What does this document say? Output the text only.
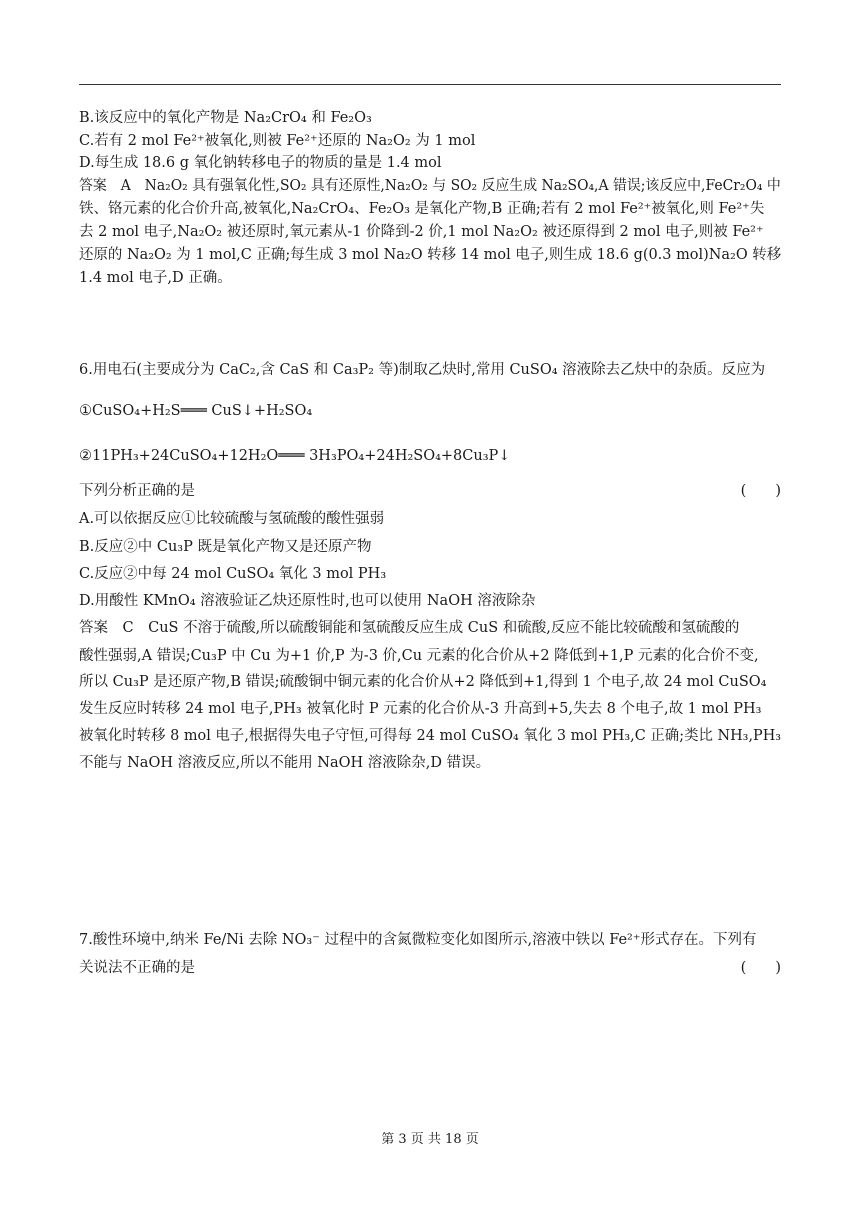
B.该反应中的氧化产物是 Na₂CrO₄ 和 Fe₂O₃
C.若有 2 mol Fe²⁺被氧化,则被 Fe²⁺还原的 Na₂O₂ 为 1 mol
D.每生成 18.6 g 氧化钠转移电子的物质的量是 1.4 mol
答案　A　Na₂O₂ 具有强氧化性,SO₂ 具有还原性,Na₂O₂ 与 SO₂ 反应生成 Na₂SO₄,A 错误;该反应中,FeCr₂O₄ 中
铁、铬元素的化合价升高,被氧化,Na₂CrO₄、Fe₂O₃ 是氧化产物,B 正确;若有 2 mol Fe²⁺被氧化,则 Fe²⁺失
去 2 mol 电子,Na₂O₂ 被还原时,氧元素从-1 价降到-2 价,1 mol Na₂O₂ 被还原得到 2 mol 电子,则被 Fe²⁺
还原的 Na₂O₂ 为 1 mol,C 正确;每生成 3 mol Na₂O 转移 14 mol 电子,则生成 18.6 g(0.3 mol)Na₂O 转移
1.4 mol 电子,D 正确。
6.用电石(主要成分为 CaC₂,含 CaS 和 Ca₃P₂ 等)制取乙炔时,常用 CuSO₄ 溶液除去乙炔中的杂质。反应为
①CuSO₄+H₂S═══ CuS↓+H₂SO₄
②11PH₃+24CuSO₄+12H₂O═══ 3H₃PO₄+24H₂SO₄+8Cu₃P↓
下列分析正确的是	(　　)
A.可以依据反应①比较硫酸与氢硫酸的酸性强弱
B.反应②中 Cu₃P 既是氧化产物又是还原产物
C.反应②中每 24 mol CuSO₄ 氧化 3 mol PH₃
D.用酸性 KMnO₄ 溶液验证乙炔还原性时,也可以使用 NaOH 溶液除杂
答案　C　CuS 不溶于硫酸,所以硫酸铜能和氢硫酸反应生成 CuS 和硫酸,反应不能比较硫酸和氢硫酸的
酸性强弱,A 错误;Cu₃P 中 Cu 为+1 价,P 为-3 价,Cu 元素的化合价从+2 降低到+1,P 元素的化合价不变,
所以 Cu₃P 是还原产物,B 错误;硫酸铜中铜元素的化合价从+2 降低到+1,得到 1 个电子,故 24 mol CuSO₄
发生反应时转移 24 mol 电子,PH₃ 被氧化时 P 元素的化合价从-3 升高到+5,失去 8 个电子,故 1 mol PH₃
被氧化时转移 8 mol 电子,根据得失电子守恒,可得每 24 mol CuSO₄ 氧化 3 mol PH₃,C 正确;类比 NH₃,PH₃
不能与 NaOH 溶液反应,所以不能用 NaOH 溶液除杂,D 错误。
7.酸性环境中,纳米 Fe/Ni 去除 NO₃⁻ 过程中的含氮微粒变化如图所示,溶液中铁以 Fe²⁺形式存在。下列有
关说法不正确的是	(　　)
第 3 页 共 18 页
